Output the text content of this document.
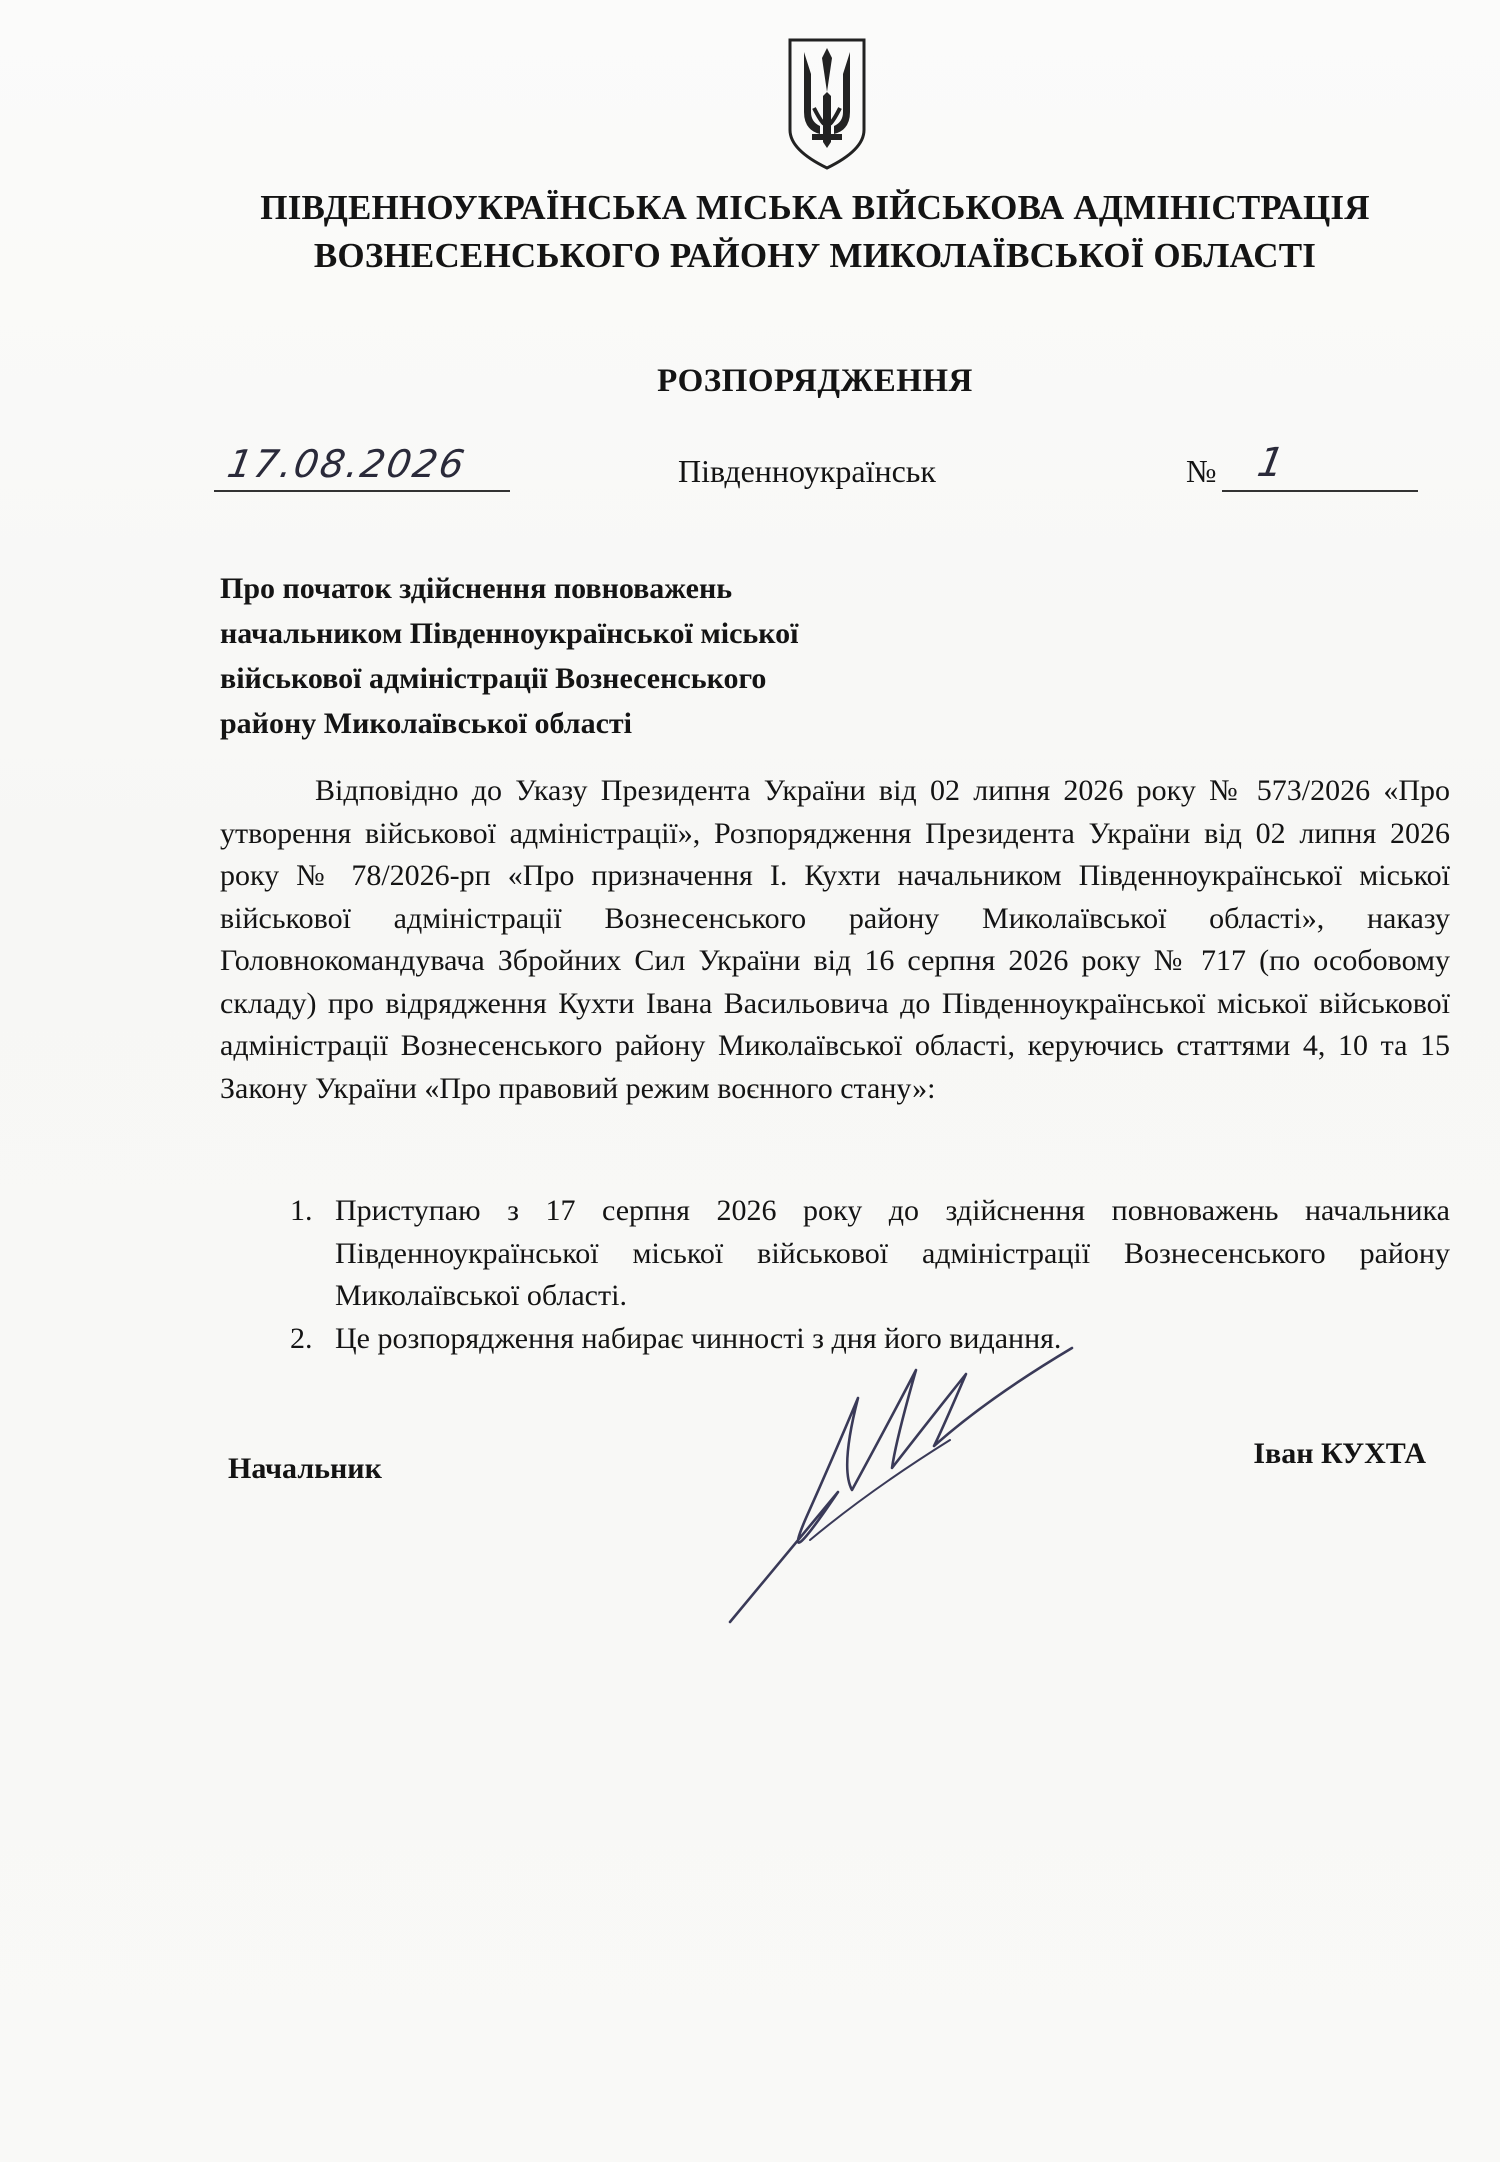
ПІВДЕННОУКРАЇНСЬКА МІСЬКА ВІЙСЬКОВА АДМІНІСТРАЦІЯ
ВОЗНЕСЕНСЬКОГО РАЙОНУ МИКОЛАЇВСЬКОЇ ОБЛАСТІ
РОЗПОРЯДЖЕННЯ
17.08.2026	Південноукраїнськ	№ 1
Про початок здійснення повноважень
начальником Південноукраїнської міської
військової адміністрації Вознесенського
району Миколаївської області

Відповідно до Указу Президента України від 02 липня 2026 року № 573/2026 «Про утворення військової адміністрації», Розпорядження Президента України від 02 липня 2026 року № 78/2026-рп «Про призначення І. Кухти начальником Південноукраїнської міської військової адміністрації Вознесенського району Миколаївської області», наказу Головнокомандувача Збройних Сил України від 16 серпня 2026 року № 717 (по особовому складу) про відрядження Кухти Івана Васильовича до Південноукраїнської міської військової адміністрації Вознесенського району Миколаївської області, керуючись статтями 4, 10 та 15 Закону України «Про правовий режим воєнного стану»:

1. Приступаю з 17 серпня 2026 року до здійснення повноважень начальника Південноукраїнської міської військової адміністрації Вознесенського району Миколаївської області.
2. Це розпорядження набирає чинності з дня його видання.
Начальник	Іван КУХТА
